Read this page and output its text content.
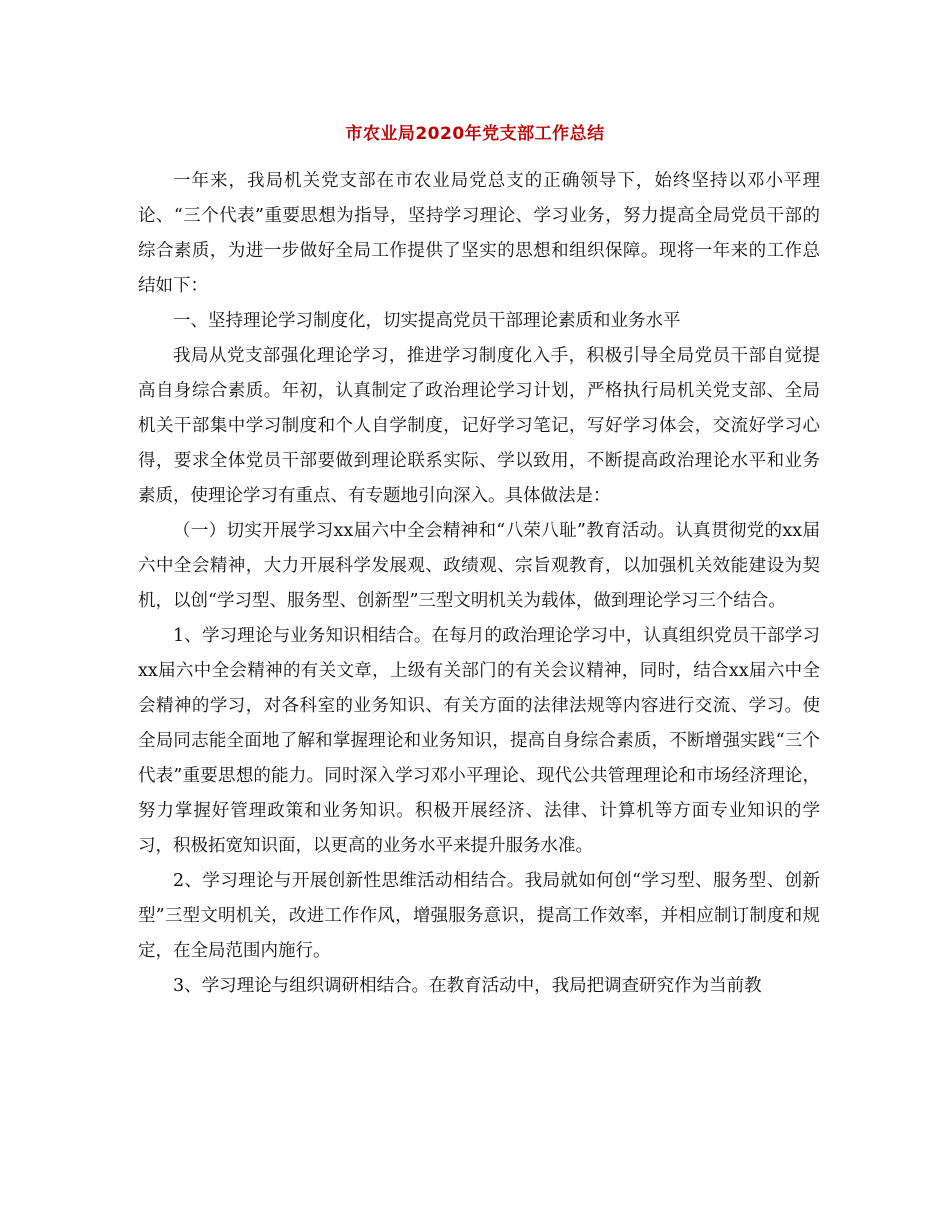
市农业局2020年党支部工作总结

一年来，我局机关党支部在市农业局党总支的正确领导下，始终坚持以邓小平理论、“三个代表”重要思想为指导，坚持学习理论、学习业务，努力提高全局党员干部的综合素质，为进一步做好全局工作提供了坚实的思想和组织保障。现将一年来的工作总结如下：

一、坚持理论学习制度化，切实提高党员干部理论素质和业务水平

我局从党支部强化理论学习，推进学习制度化入手，积极引导全局党员干部自觉提高自身综合素质。年初，认真制定了政治理论学习计划，严格执行局机关党支部、全局机关干部集中学习制度和个人自学制度，记好学习笔记，写好学习体会，交流好学习心得，要求全体党员干部要做到理论联系实际、学以致用，不断提高政治理论水平和业务素质，使理论学习有重点、有专题地引向深入。具体做法是：

（一）切实开展学习xx届六中全会精神和“八荣八耻”教育活动。认真贯彻党的xx届六中全会精神，大力开展科学发展观、政绩观、宗旨观教育，以加强机关效能建设为契机，以创“学习型、服务型、创新型”三型文明机关为载体，做到理论学习三个结合。

1、学习理论与业务知识相结合。在每月的政治理论学习中，认真组织党员干部学习xx届六中全会精神的有关文章，上级有关部门的有关会议精神，同时，结合xx届六中全会精神的学习，对各科室的业务知识、有关方面的法律法规等内容进行交流、学习。使全局同志能全面地了解和掌握理论和业务知识，提高自身综合素质，不断增强实践“三个代表”重要思想的能力。同时深入学习邓小平理论、现代公共管理理论和市场经济理论，努力掌握好管理政策和业务知识。积极开展经济、法律、计算机等方面专业知识的学习，积极拓宽知识面，以更高的业务水平来提升服务水准。

2、学习理论与开展创新性思维活动相结合。我局就如何创“学习型、服务型、创新型”三型文明机关，改进工作作风，增强服务意识，提高工作效率，并相应制订制度和规定，在全局范围内施行。

3、学习理论与组织调研相结合。在教育活动中，我局把调查研究作为当前教
